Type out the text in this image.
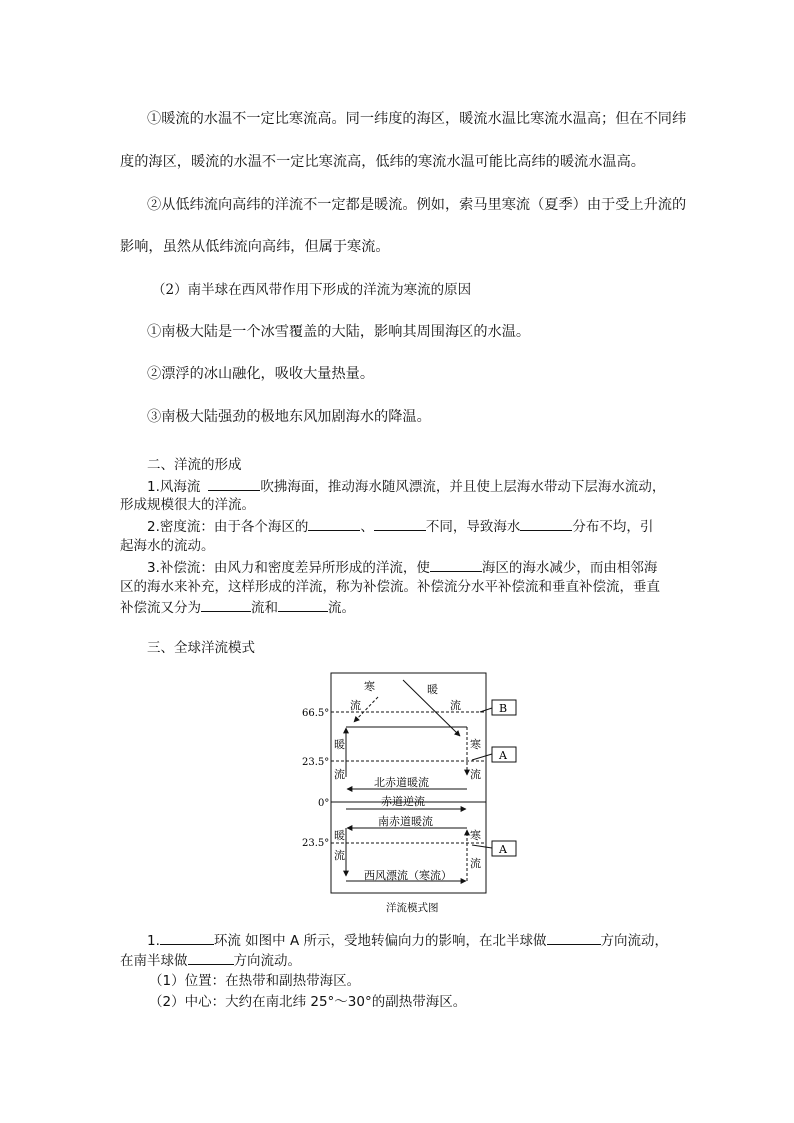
①暖流的水温不一定比寒流高。同一纬度的海区，暖流水温比寒流水温高；但在不同纬
度的海区，暖流的水温不一定比寒流高，低纬的寒流水温可能比高纬的暖流水温高。
②从低纬流向高纬的洋流不一定都是暖流。例如，索马里寒流（夏季）由于受上升流的
影响，虽然从低纬流向高纬，但属于寒流。
（2）南半球在西风带作用下形成的洋流为寒流的原因
①南极大陆是一个冰雪覆盖的大陆，影响其周围海区的水温。
②漂浮的冰山融化，吸收大量热量。
③南极大陆强劲的极地东风加剧海水的降温。
二、洋流的形成
1.风海流	吹拂海面，推动海水随风漂流，并且使上层海水带动下层海水流动，
形成规模很大的洋流。
2.密度流：由于各个海区的	、	不同，导致海水	分布不均，引
起海水的流动。
3.补偿流：由风力和密度差异所形成的洋流，使	海区的海水减少，而由相邻海
区的海水来补充，这样形成的洋流，称为补偿流。补偿流分水平补偿流和垂直补偿流，垂直
补偿流又分为	流和	流。
三、全球洋流模式
66.5°
23.5°
0°
23.5°
寒
流
暖
流
暖
流
寒
流
北赤道暖流
赤道逆流
南赤道暖流
暖
流
寒
流
西风漂流（寒流）
B
A
A
洋流模式图
1.	环流 如图中 A 所示，受地转偏向力的影响，在北半球做	方向流动，
在南半球做	方向流动。
（1）位置：在热带和副热带海区。
（2）中心：大约在南北纬 25°～30°的副热带海区。
